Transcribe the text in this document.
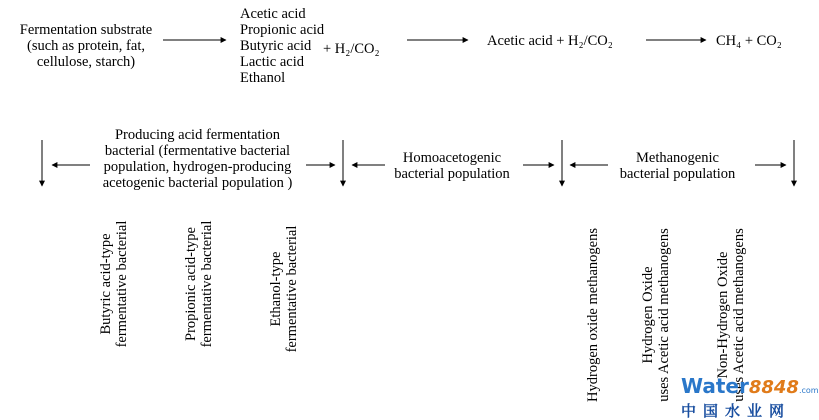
Fermentation substrate
(such as protein, fat,
cellulose, starch)
Acetic acid
Propionic acid
Butyric acid
Lactic acid
Ethanol
+ H₂/CO₂	Acetic acid + H₂/CO₂	CH₄ + CO₂
Producing acid fermentation
bacterial (fermentative bacterial
population, hydrogen-producing
acetogenic bacterial population )
Homoacetogenic
bacterial population
Methanogenic
bacterial population
Butyric acid-type fermentative bacterial	Propionic acid-type fermentative bacterial	Ethanol-type fermentative bacterial	Hydrogen oxide methanogens	Hydrogen Oxide uses Acetic acid methanogens	Non-Hydrogen Oxide uses Acetic acid methanogens
Water8848.com
中国水业网
